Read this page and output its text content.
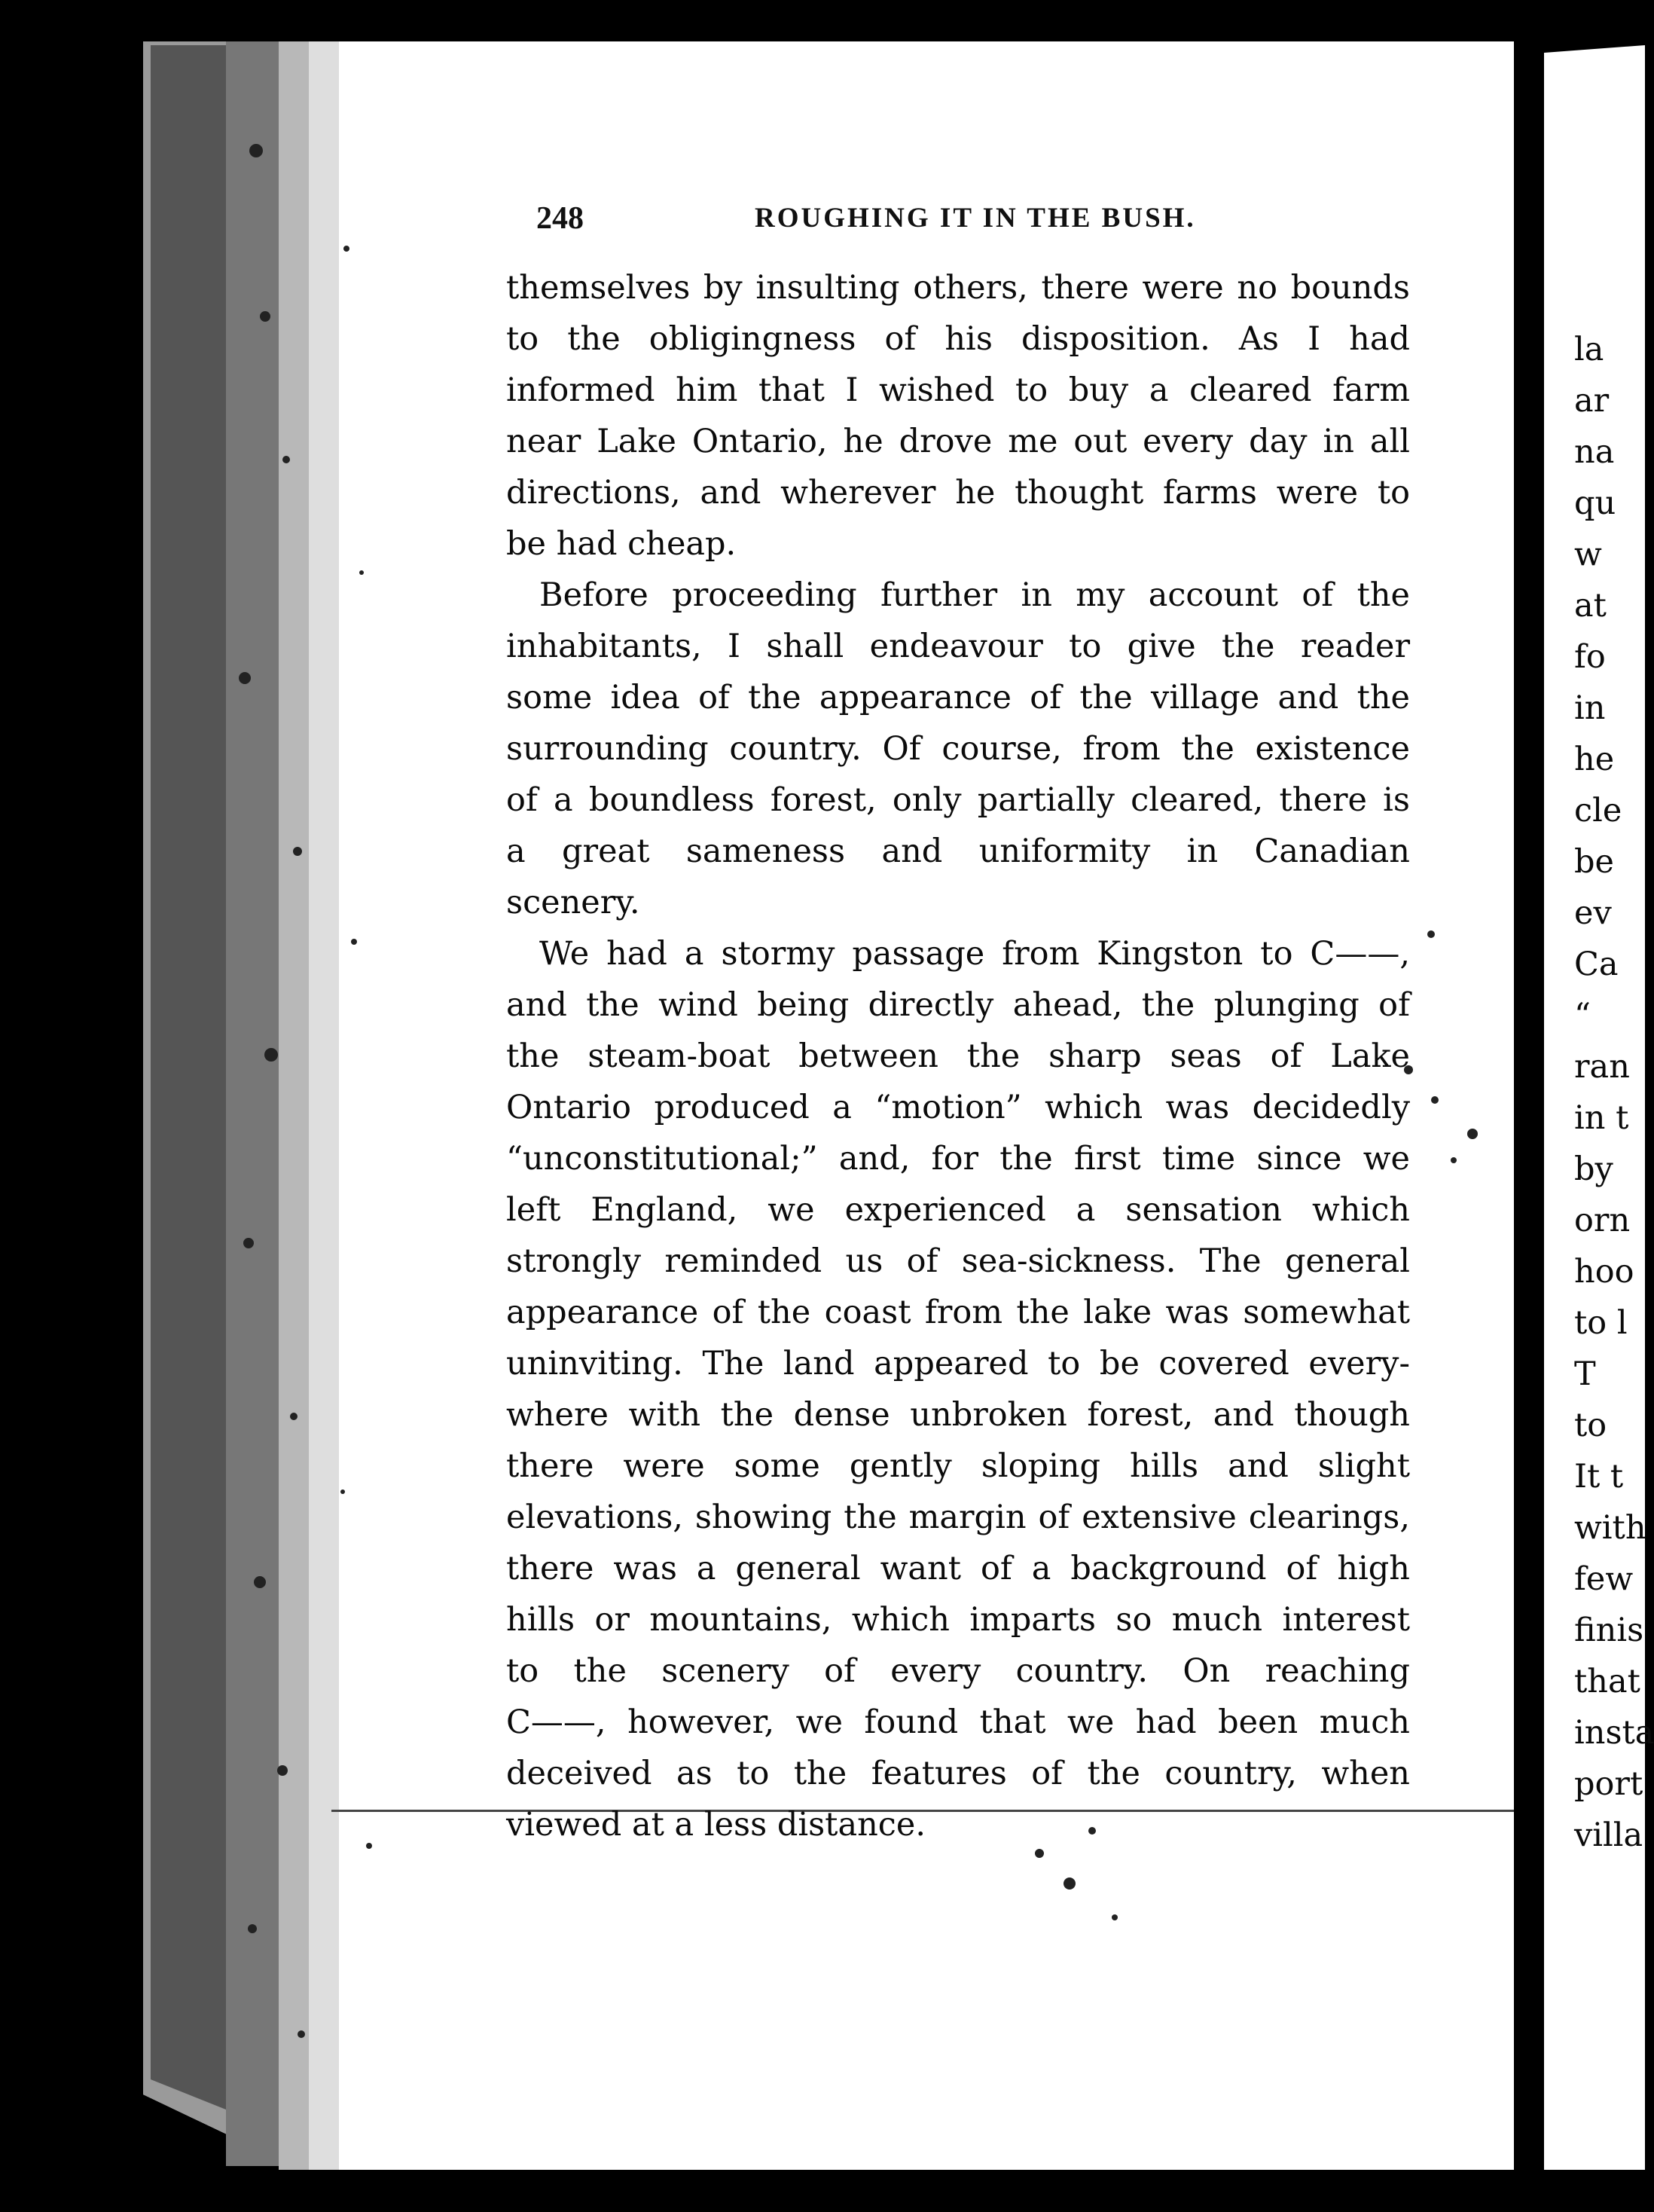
248	ROUGHING IT IN THE BUSH.
themselves by insulting others, there were no bounds
to the obligingness of his disposition. As I had
informed him that I wished to buy a cleared farm
near Lake Ontario, he drove me out every day in all
directions, and wherever he thought farms were to
be had cheap.
Before proceeding further in my account of the
inhabitants, I shall endeavour to give the reader
some idea of the appearance of the village and the
surrounding country. Of course, from the existence
of a boundless forest, only partially cleared, there is
a great sameness and uniformity in Canadian
scenery.
We had a stormy passage from Kingston to C——,
and the wind being directly ahead, the plunging of
the steam-boat between the sharp seas of Lake
Ontario produced a “motion” which was decidedly
“unconstitutional;” and, for the first time since we
left England, we experienced a sensation which
strongly reminded us of sea-sickness. The general
appearance of the coast from the lake was somewhat
uninviting. The land appeared to be covered every-
where with the dense unbroken forest, and though
there were some gently sloping hills and slight
elevations, showing the margin of extensive clearings,
there was a general want of a background of high
hills or mountains, which imparts so much interest
to the scenery of every country. On reaching
C——, however, we found that we had been much
deceived as to the features of the country, when
viewed at a less distance.
la
ar
na
qu
w
at
fo
in
he
cle
be
ev
Ca
“
ran
in t
by
orn
hoo
to l
T
to
It t
with
few
finis
that
insta
port
villa
